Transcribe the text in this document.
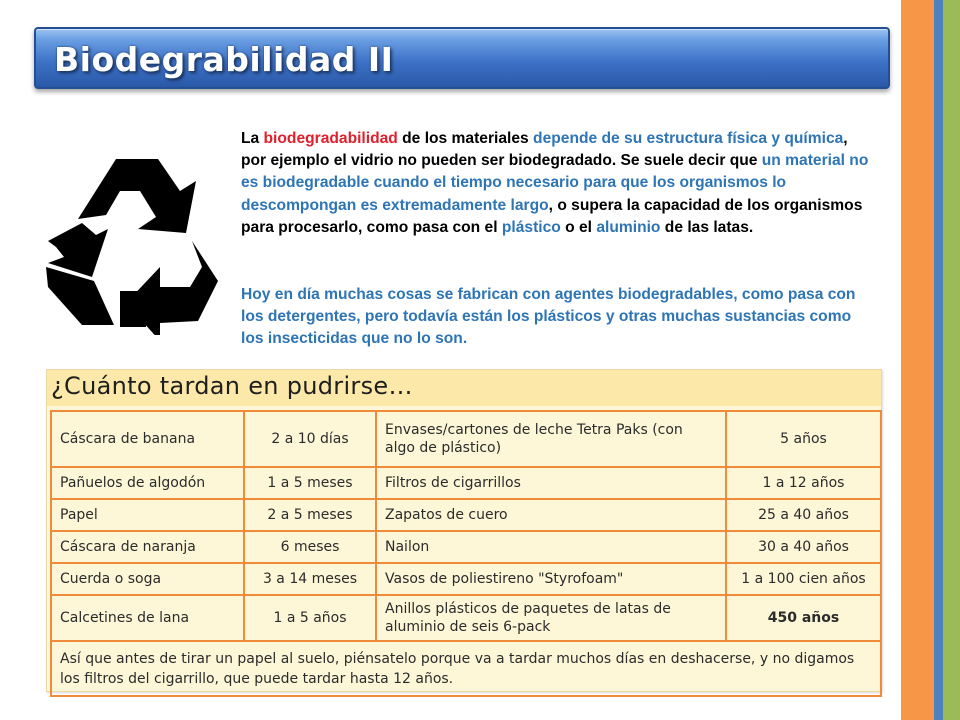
Biodegrabilidad II
La biodegradabilidad de los materiales depende de su estructura física y química, por ejemplo el vidrio no pueden ser biodegradado. Se suele decir que un material no es biodegradable cuando el tiempo necesario para que los organismos lo descompongan es extremadamente largo, o supera la capacidad de los organismos para procesarlo, como pasa con el plástico o el aluminio de las latas.
Hoy en día muchas cosas se fabrican con agentes biodegradables, como pasa con los detergentes, pero todavía están los plásticos y otras muchas sustancias como los insecticidas que no lo son.
¿Cuánto tardan en pudrirse…
Cáscara de banana	2 a 10 días	Envases/cartones de leche Tetra Paks (con algo de plástico)	5 años
Pañuelos de algodón	1 a 5 meses	Filtros de cigarrillos	1 a 12 años
Papel	2 a 5 meses	Zapatos de cuero	25 a 40 años
Cáscara de naranja	6 meses	Nailon	30 a 40 años
Cuerda o soga	3 a 14 meses	Vasos de poliestireno "Styrofoam"	1 a 100 cien años
Calcetines de lana	1 a 5 años	Anillos plásticos de paquetes de latas de aluminio de seis 6-pack	450 años
Así que antes de tirar un papel al suelo, piénsatelo porque va a tardar muchos días en deshacerse, y no digamos los filtros del cigarrillo, que puede tardar hasta 12 años.			
